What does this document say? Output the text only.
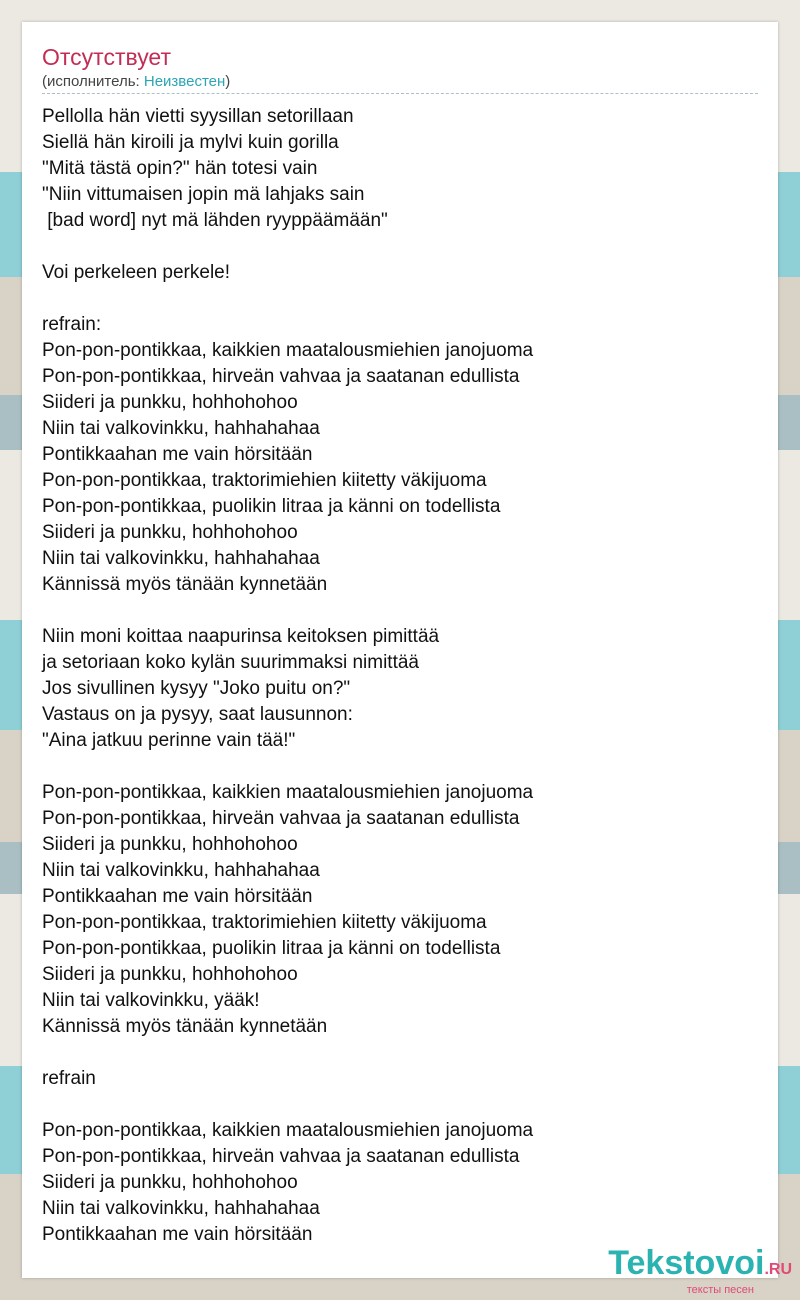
Отсутствует
(исполнитель: Неизвестен)
Pellolla hän vietti syysillan setorillaan
Siellä hän kiroili ja mylvi kuin gorilla
"Mitä tästä opin?" hän totesi vain
"Niin vittumaisen jopin mä lahjaks sain
[bad word] nyt mä lähden ryyppäämään"
Voi perkeleen perkele!
refrain:
Pon-pon-pontikkaa, kaikkien maatalousmiehien janojuoma
Pon-pon-pontikkaa, hirveän vahvaa ja saatanan edullista
Siideri ja punkku, hohhohohoo
Niin tai valkovinkku, hahhahahaa
Pontikkaahan me vain hörsitään
Pon-pon-pontikkaa, traktorimiehien kiitetty väkijuoma
Pon-pon-pontikkaa, puolikin litraa ja känni on todellista
Siideri ja punkku, hohhohohoo
Niin tai valkovinkku, hahhahahaa
Kännissä myös tänään kynnetään
Niin moni koittaa naapurinsa keitoksen pimittää
ja setoriaan koko kylän suurimmaksi nimittää
Jos sivullinen kysyy "Joko puitu on?"
Vastaus on ja pysyy, saat lausunnon:
"Aina jatkuu perinne vain tää!"
Pon-pon-pontikkaa, kaikkien maatalousmiehien janojuoma
Pon-pon-pontikkaa, hirveän vahvaa ja saatanan edullista
Siideri ja punkku, hohhohohoo
Niin tai valkovinkku, hahhahahaa
Pontikkaahan me vain hörsitään
Pon-pon-pontikkaa, traktorimiehien kiitetty väkijuoma
Pon-pon-pontikkaa, puolikin litraa ja känni on todellista
Siideri ja punkku, hohhohohoo
Niin tai valkovinkku, yääk!
Kännissä myös tänään kynnetään
refrain
Pon-pon-pontikkaa, kaikkien maatalousmiehien janojuoma
Pon-pon-pontikkaa, hirveän vahvaa ja saatanan edullista
Siideri ja punkku, hohhohohoo
Niin tai valkovinkku, hahhahahaa
Pontikkaahan me vain hörsitään
Tekstovoi.RU
тексты песен
